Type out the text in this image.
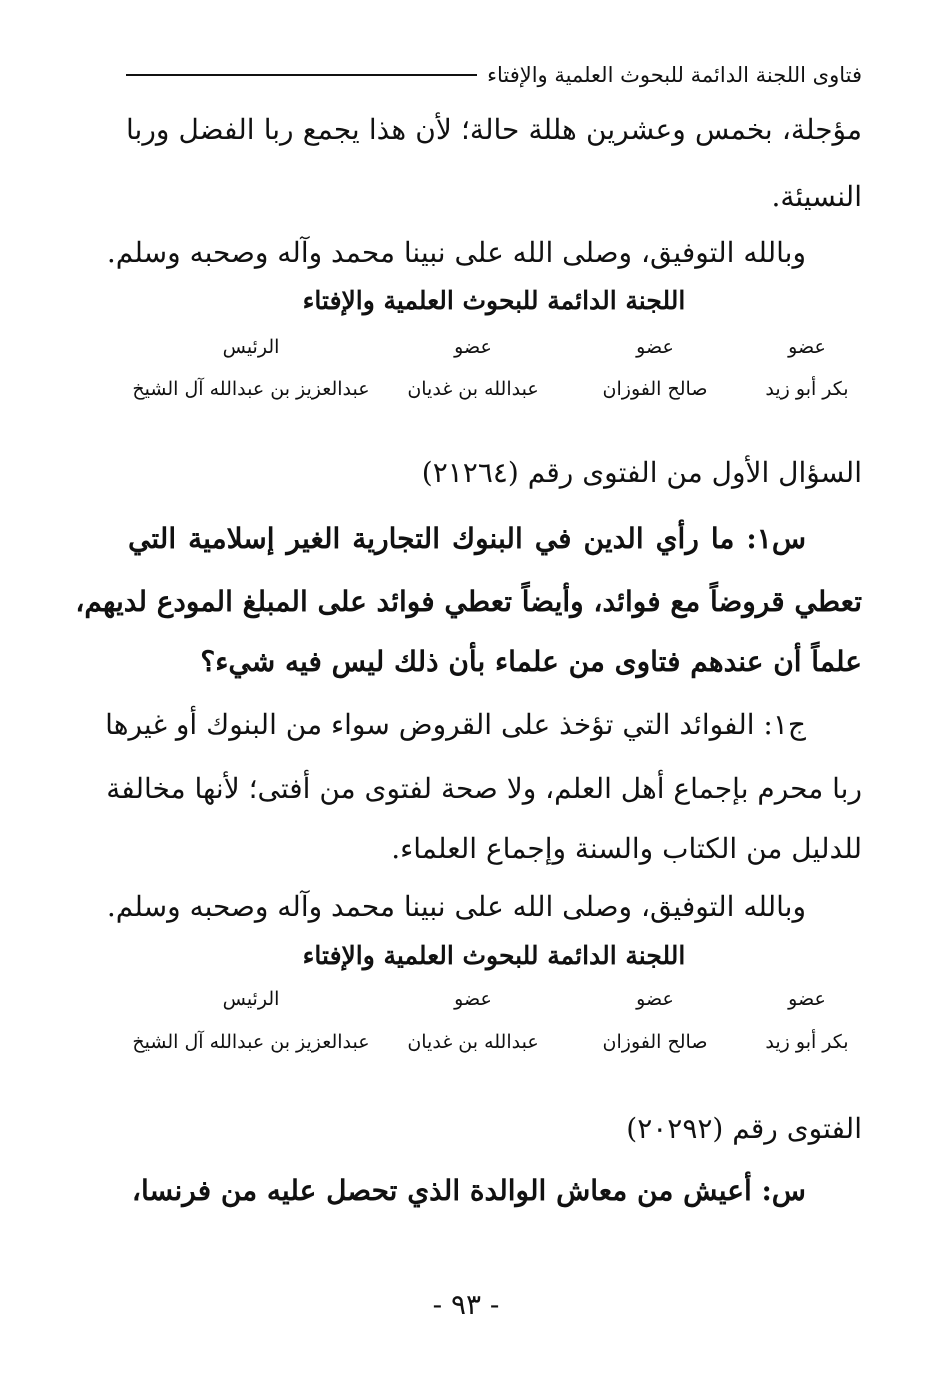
فتاوى اللجنة الدائمة للبحوث العلمية والإفتاء
مؤجلة، بخمس وعشرين هللة حالة؛ لأن هذا يجمع ربا الفضل وربا
النسيئة.
وبالله التوفيق، وصلى الله على نبينا محمد وآله وصحبه وسلم.
اللجنة الدائمة للبحوث العلمية والإفتاء
عضو
عضو
عضو
الرئيس
بكر أبو زيد
صالح الفوزان
عبدالله بن غديان
عبدالعزيز بن عبدالله آل الشيخ
السؤال الأول من الفتوى رقم (٢١٢٦٤)
س١: ما رأي الدين في البنوك التجارية الغير إسلامية التي
تعطي قروضاً مع فوائد، وأيضاً تعطي فوائد على المبلغ المودع لديهم،
علماً أن عندهم فتاوى من علماء بأن ذلك ليس فيه شيء؟
ج١: الفوائد التي تؤخذ على القروض سواء من البنوك أو غيرها
ربا محرم بإجماع أهل العلم، ولا صحة لفتوى من أفتى؛ لأنها مخالفة
للدليل من الكتاب والسنة وإجماع العلماء.
وبالله التوفيق، وصلى الله على نبينا محمد وآله وصحبه وسلم.
اللجنة الدائمة للبحوث العلمية والإفتاء
عضو
عضو
عضو
الرئيس
بكر أبو زيد
صالح الفوزان
عبدالله بن غديان
عبدالعزيز بن عبدالله آل الشيخ
الفتوى رقم (٢٠٢٩٢)
س: أعيش من معاش الوالدة الذي تحصل عليه من فرنسا،
- ٩٣ -
